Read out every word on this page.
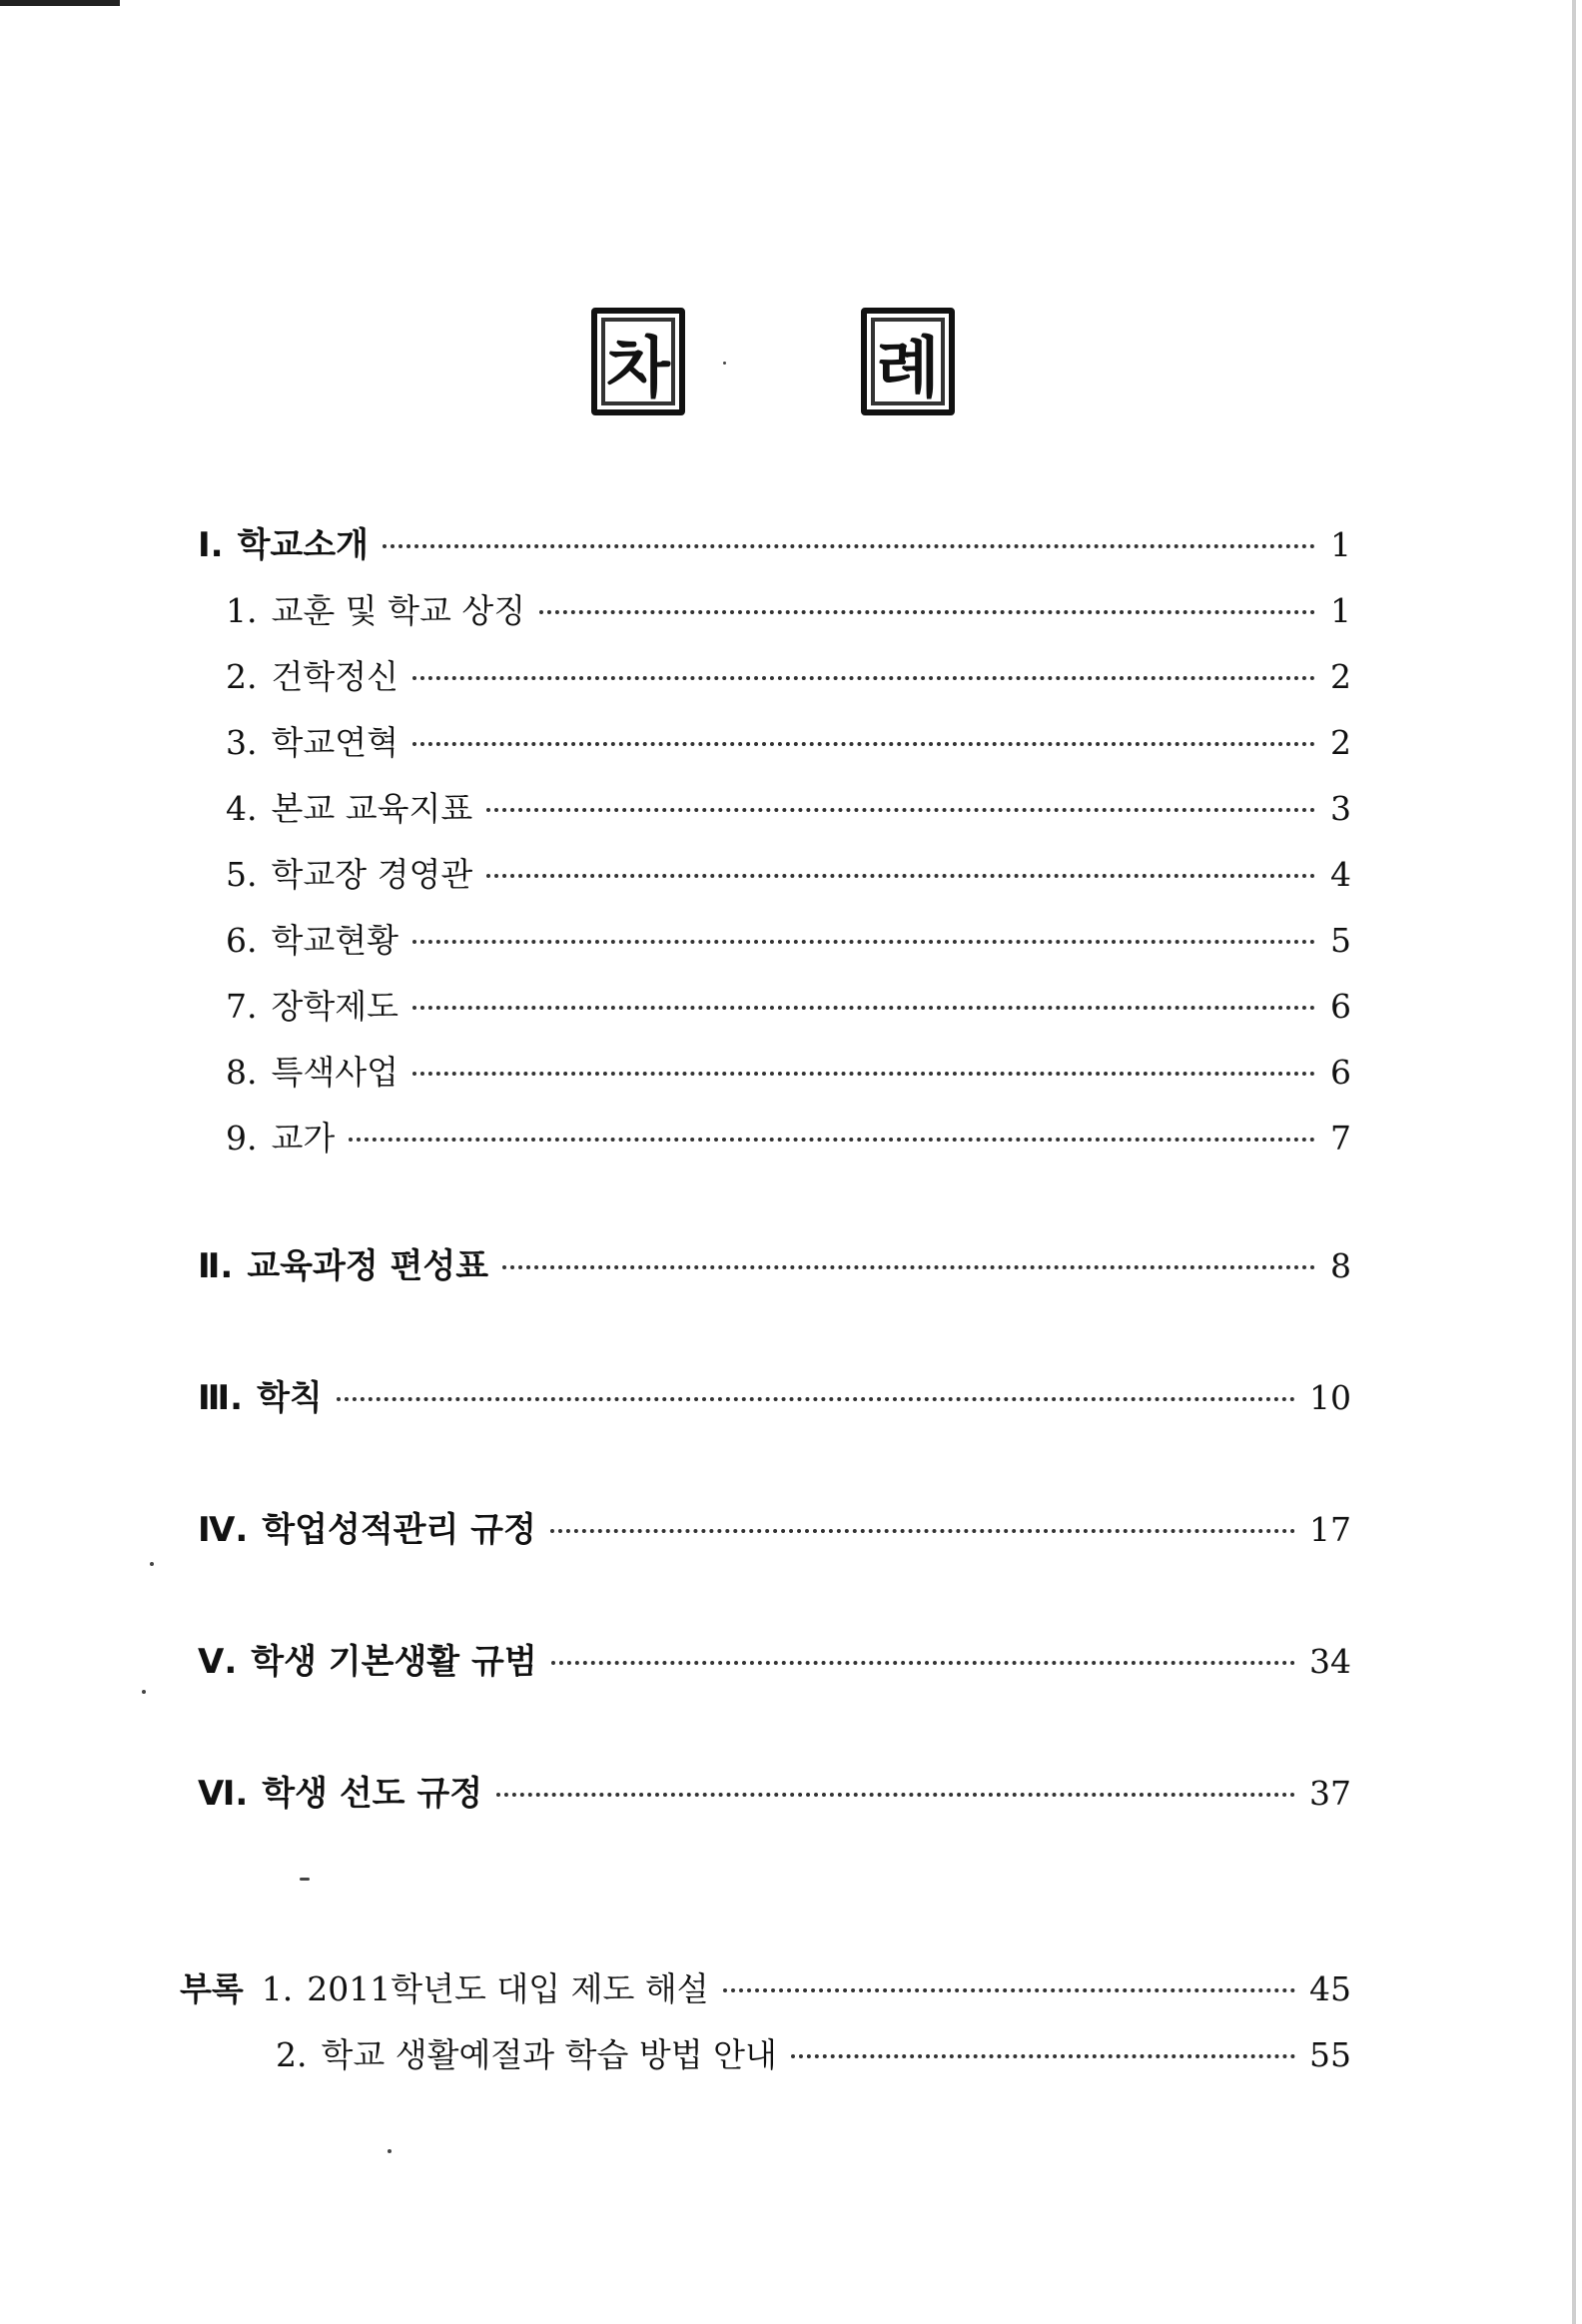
차	례
Ⅰ. 학교소개	1
1. 교훈 및 학교 상징	1
2. 건학정신	2
3. 학교연혁	2
4. 본교 교육지표	3
5. 학교장 경영관	4
6. 학교현황	5
7. 장학제도	6
8. 특색사업	6
9. 교가	7
Ⅱ. 교육과정 편성표	8
Ⅲ. 학칙	10
Ⅳ. 학업성적관리 규정	17
Ⅴ. 학생 기본생활 규범	34
Ⅵ. 학생 선도 규정	37
부록 1. 2011학년도 대입 제도 해설	45
2. 학교 생활예절과 학습 방법 안내	55
